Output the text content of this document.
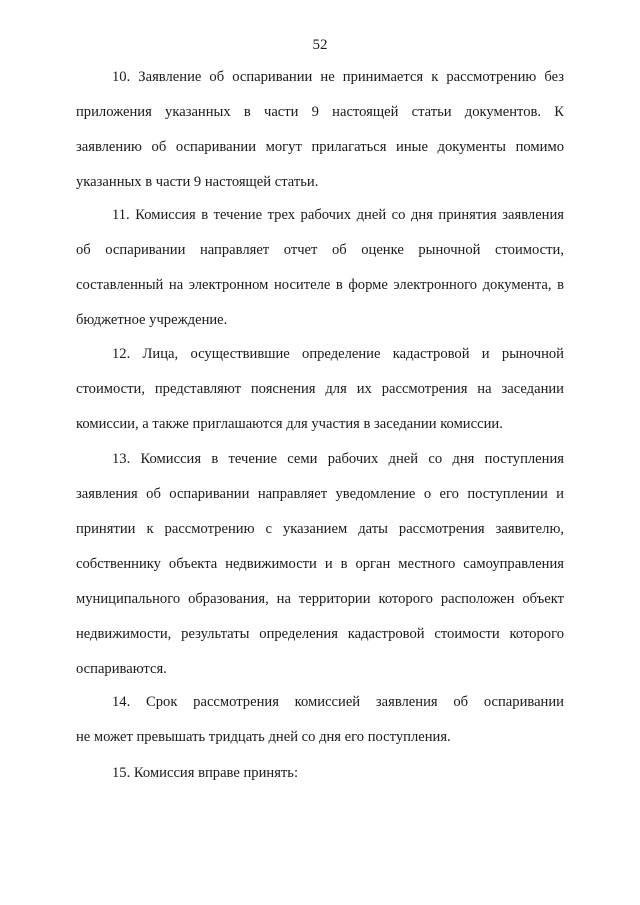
52
10. Заявление об оспаривании не принимается к рассмотрению без
приложения указанных в части 9 настоящей статьи документов. К
заявлению об оспаривании могут прилагаться иные документы помимо
указанных в части 9 настоящей статьи.
11. Комиссия в течение трех рабочих дней со дня принятия заявления
об оспаривании направляет отчет об оценке рыночной стоимости,
составленный на электронном носителе в форме электронного документа, в
бюджетное учреждение.
12. Лица, осуществившие определение кадастровой и рыночной
стоимости, представляют пояснения для их рассмотрения на заседании
комиссии, а также приглашаются для участия в заседании комиссии.
13. Комиссия в течение семи рабочих дней со дня поступления
заявления об оспаривании направляет уведомление о его поступлении и
принятии к рассмотрению с указанием даты рассмотрения заявителю,
собственнику объекта недвижимости и в орган местного самоуправления
муниципального образования, на территории которого расположен объект
недвижимости, результаты определения кадастровой стоимости которого
оспариваются.
14. Срок рассмотрения комиссией заявления об оспаривании
не может превышать тридцать дней со дня его поступления.
15. Комиссия вправе принять:
